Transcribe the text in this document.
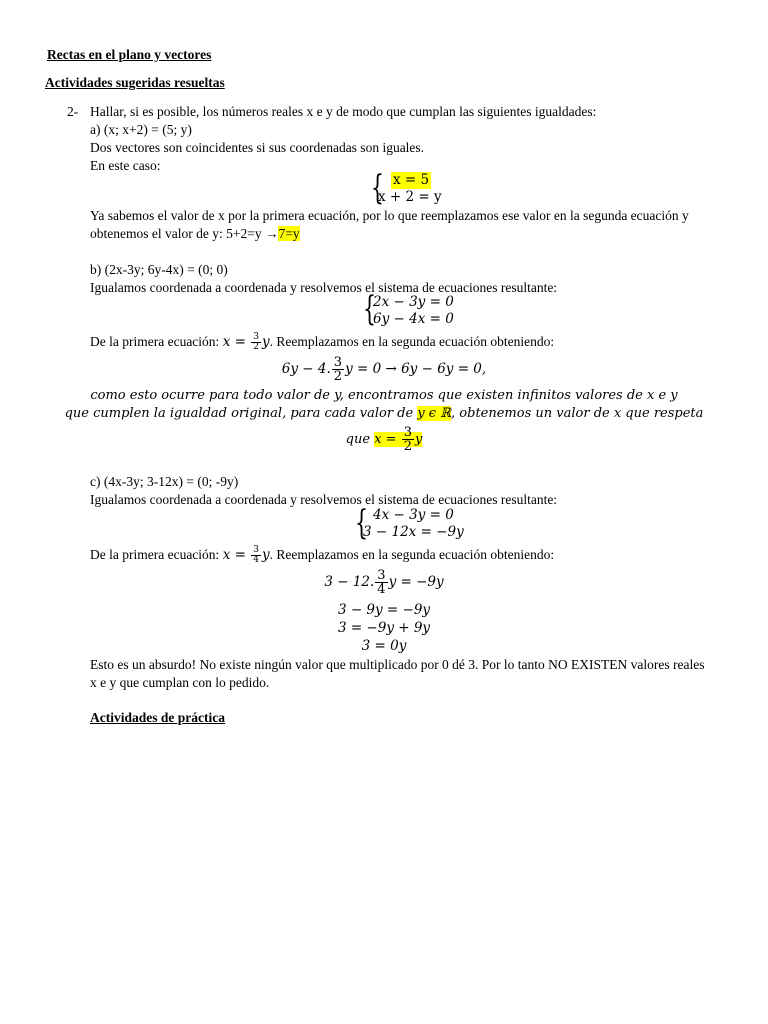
Rectas en el plano y vectores
Actividades sugeridas resueltas
2- Hallar, si es posible, los números reales x e y de modo que cumplan las siguientes igualdades:
a) (x; x+2) = (5; y)
Dos vectores son coincidentes si sus coordenadas son iguales.
En este caso:
{ x = 5
x + 2 = y
Ya sabemos el valor de x por la primera ecuación, por lo que reemplazamos ese valor en la segunda ecuación y
obtenemos el valor de y: 5+2=y →7=y
b) (2x-3y; 6y-4x) = (0; 0)
Igualamos coordenada a coordenada y resolvemos el sistema de ecuaciones resultante:
{
2x − 3y = 0
6y − 4x = 0
De la primera ecuación: $x = \frac{3}{2} y$. Reemplazamos en la segunda ecuación obteniendo:
6y − 4. $\frac{3}{2}$ y = 0 → 6y − 6y = 0,
como esto ocurre para todo valor de y, encontramos que existen infinitos valores de x e y
que cumplen la igualdad original, para cada valor de y ϵ ℝ, obtenemos un valor de x que respeta
que $x = \frac{3}{2}$ y
c) (4x-3y; 3-12x) = (0; -9y)
Igualamos coordenada a coordenada y resolvemos el sistema de ecuaciones resultante:
{ 4x − 3y = 0
3 − 12x = −9y
De la primera ecuación: $x = \frac{3}{4} y$. Reemplazamos en la segunda ecuación obteniendo:
3 − 12. $\frac{3}{4}$ y = −9y
3 − 9y = −9y
3 = −9y + 9y
3 = 0y
Esto es un absurdo! No existe ningún valor que multiplicado por 0 dé 3. Por lo tanto NO EXISTEN valores reales
x e y que cumplan con lo pedido.
Actividades de práctica
